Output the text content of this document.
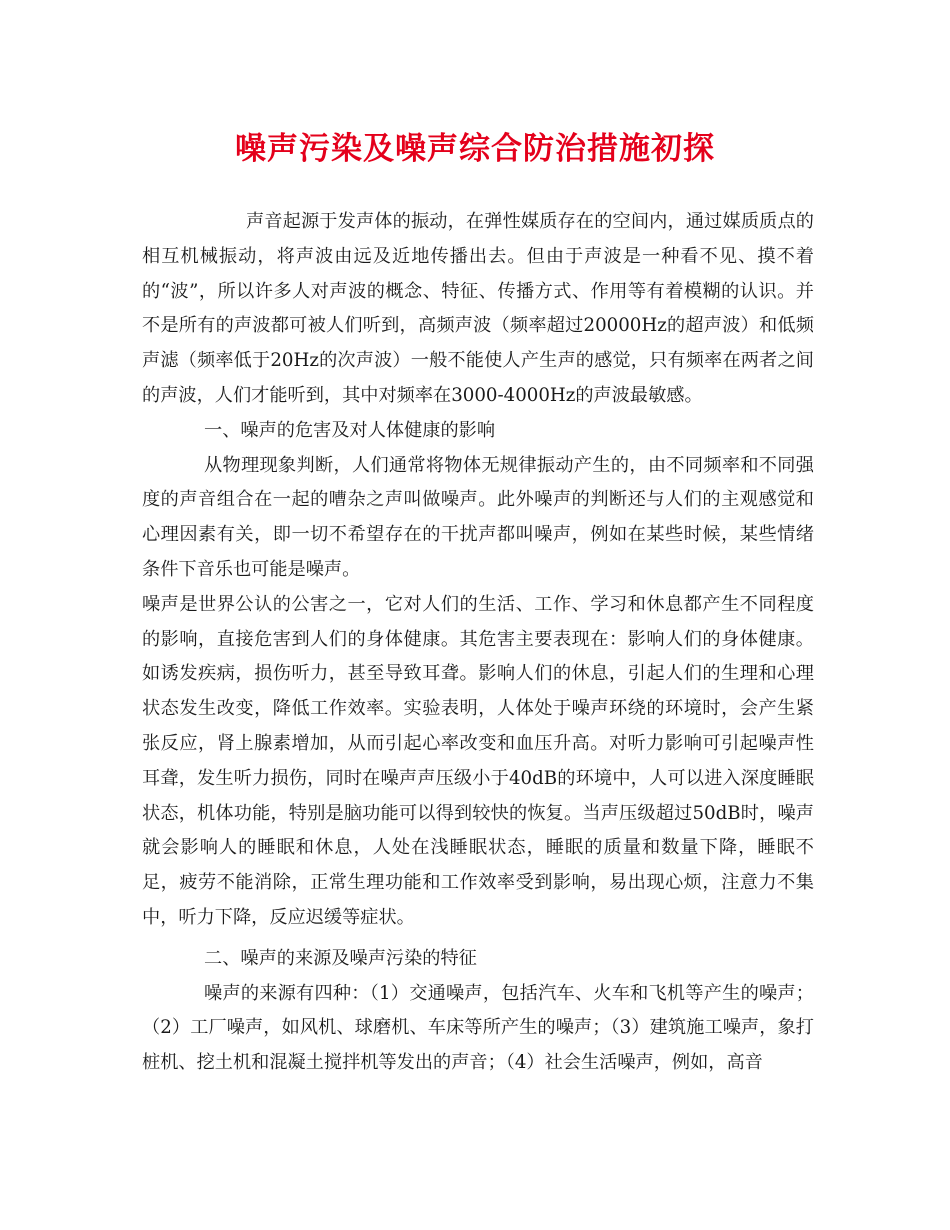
噪声污染及噪声综合防治措施初探

声音起源于发声体的振动，在弹性媒质存在的空间内，通过媒质质点的相互机械振动，将声波由远及近地传播出去。但由于声波是一种看不见、摸不着的“波”，所以许多人对声波的概念、特征、传播方式、作用等有着模糊的认识。并不是所有的声波都可被人们听到，高频声波（频率超过20000Hz的超声波）和低频声滤（频率低于20Hz的次声波）一般不能使人产生声的感觉，只有频率在两者之间的声波，人们才能听到，其中对频率在3000-4000Hz的声波最敏感。

一、噪声的危害及对人体健康的影响

从物理现象判断，人们通常将物体无规律振动产生的，由不同频率和不同强度的声音组合在一起的嘈杂之声叫做噪声。此外噪声的判断还与人们的主观感觉和心理因素有关，即一切不希望存在的干扰声都叫噪声，例如在某些时候，某些情绪条件下音乐也可能是噪声。

噪声是世界公认的公害之一，它对人们的生活、工作、学习和休息都产生不同程度的影响，直接危害到人们的身体健康。其危害主要表现在：影响人们的身体健康。如诱发疾病，损伤听力，甚至导致耳聋。影响人们的休息，引起人们的生理和心理状态发生改变，降低工作效率。实验表明，人体处于噪声环绕的环境时，会产生紧张反应，肾上腺素增加，从而引起心率改变和血压升高。对听力影响可引起噪声性耳聋，发生听力损伤，同时在噪声声压级小于40dB的环境中，人可以进入深度睡眠状态，机体功能，特别是脑功能可以得到较快的恢复。当声压级超过50dB时，噪声就会影响人的睡眠和休息，人处在浅睡眠状态，睡眠的质量和数量下降，睡眠不足，疲劳不能消除，正常生理功能和工作效率受到影响，易出现心烦，注意力不集中，听力下降，反应迟缓等症状。

二、噪声的来源及噪声污染的特征

噪声的来源有四种：（1）交通噪声，包括汽车、火车和飞机等产生的噪声；（2）工厂噪声，如风机、球磨机、车床等所产生的噪声；（3）建筑施工噪声，象打桩机、挖土机和混凝土搅拌机等发出的声音；（4）社会生活噪声，例如，高音
